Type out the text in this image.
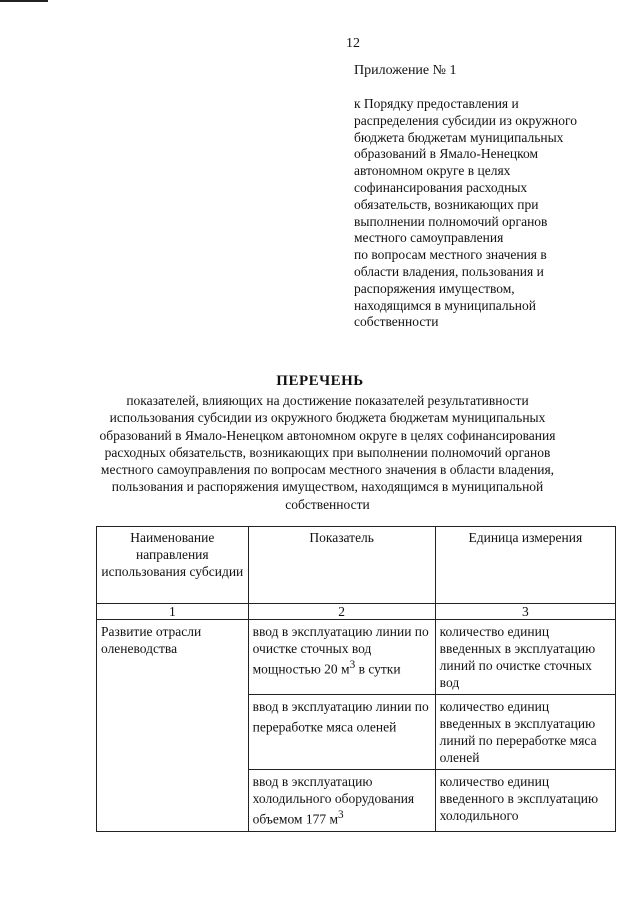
12
Приложение № 1
к Порядку предоставления и
распределения субсидии из окружного
бюджета бюджетам муниципальных
образований в Ямало-Ненецком
автономном округе в целях
софинансирования расходных
обязательств, возникающих при
выполнении полномочий органов
местного самоуправления
по вопросам местного значения в
области владения, пользования и
распоряжения имуществом,
находящимся в муниципальной
собственности
ПЕРЕЧЕНЬ
показателей, влияющих на достижение показателей результативности
использования субсидии из окружного бюджета бюджетам муниципальных
образований в Ямало-Ненецком автономном округе в целях софинансирования
расходных обязательств, возникающих при выполнении полномочий органов
местного самоуправления по вопросам местного значения в области владения,
пользования и распоряжения имуществом, находящимся в муниципальной
собственности
Наименование направления использования субсидии	Показатель	Единица измерения
1	2	3
Развитие отрасли оленеводства	ввод в эксплуатацию линии по очистке сточных вод мощностью 20 $м^3$ в сутки	количество единиц введенных в эксплуатацию линий по очистке сточных вод
	ввод в эксплуатацию линии по переработке мяса оленей	количество единиц введенных в эксплуатацию линий по переработке мяса оленей
	ввод в эксплуатацию холодильного оборудования объемом 177 $м^3$	количество единиц введенного в эксплуатацию холодильного
